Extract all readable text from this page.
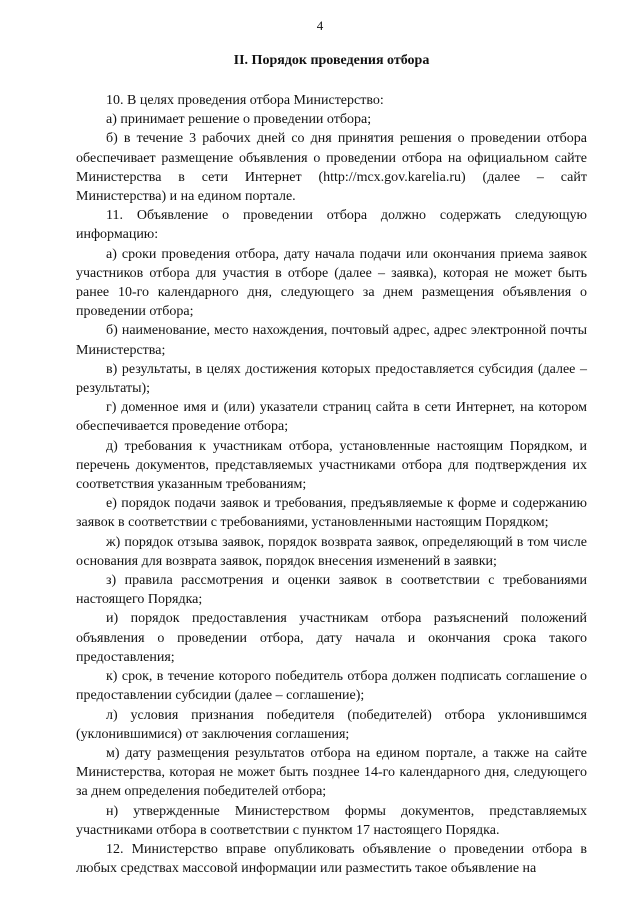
4
II. Порядок проведения отбора

10. В целях проведения отбора Министерство:

а) принимает решение о проведении отбора;

б) в течение 3 рабочих дней со дня принятия решения о проведении отбора обеспечивает размещение объявления о проведении отбора на официальном сайте Министерства в сети Интернет (http://mcx.gov.karelia.ru) (далее – сайт Министерства) и на едином портале.

11. Объявление о проведении отбора должно содержать следующую информацию:

а) сроки проведения отбора, дату начала подачи или окончания приема заявок участников отбора для участия в отборе (далее – заявка), которая не может быть ранее 10-го календарного дня, следующего за днем размещения объявления о проведении отбора;

б) наименование, место нахождения, почтовый адрес, адрес электронной почты Министерства;

в) результаты, в целях достижения которых предоставляется субсидия (далее – результаты);

г) доменное имя и (или) указатели страниц сайта в сети Интернет, на котором обеспечивается проведение отбора;

д) требования к участникам отбора, установленные настоящим Порядком, и перечень документов, представляемых участниками отбора для подтверждения их соответствия указанным требованиям;

е) порядок подачи заявок и требования, предъявляемые к форме и содержанию заявок в соответствии с требованиями, установленными настоящим Порядком;

ж) порядок отзыва заявок, порядок возврата заявок, определяющий в том числе основания для возврата заявок, порядок внесения изменений в заявки;

з) правила рассмотрения и оценки заявок в соответствии с требованиями настоящего Порядка;

и) порядок предоставления участникам отбора разъяснений положений объявления о проведении отбора, дату начала и окончания срока такого предоставления;

к) срок, в течение которого победитель отбора должен подписать соглашение о предоставлении субсидии (далее – соглашение);

л) условия признания победителя (победителей) отбора уклонившимся (уклонившимися) от заключения соглашения;

м) дату размещения результатов отбора на едином портале, а также на сайте Министерства, которая не может быть позднее 14-го календарного дня, следующего за днем определения победителей отбора;

н) утвержденные Министерством формы документов, представляемых участниками отбора в соответствии с пунктом 17 настоящего Порядка.

12. Министерство вправе опубликовать объявление о проведении отбора в любых средствах массовой информации или разместить такое объявление на
